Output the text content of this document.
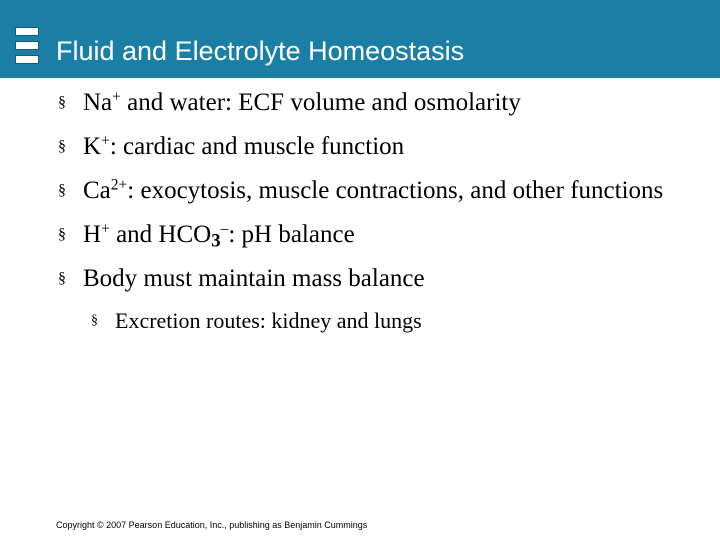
Fluid and Electrolyte Homeostasis
§ Na+ and water: ECF volume and osmolarity
§ K+: cardiac and muscle function
§ $Ca^{2+}$: exocytosis, muscle contractions, and other functions
§ H+ and $HCO_3^-$: pH balance
§ Body must maintain mass balance
§ Excretion routes: kidney and lungs
Copyright © 2007 Pearson Education, Inc., publishing as Benjamin Cummings
